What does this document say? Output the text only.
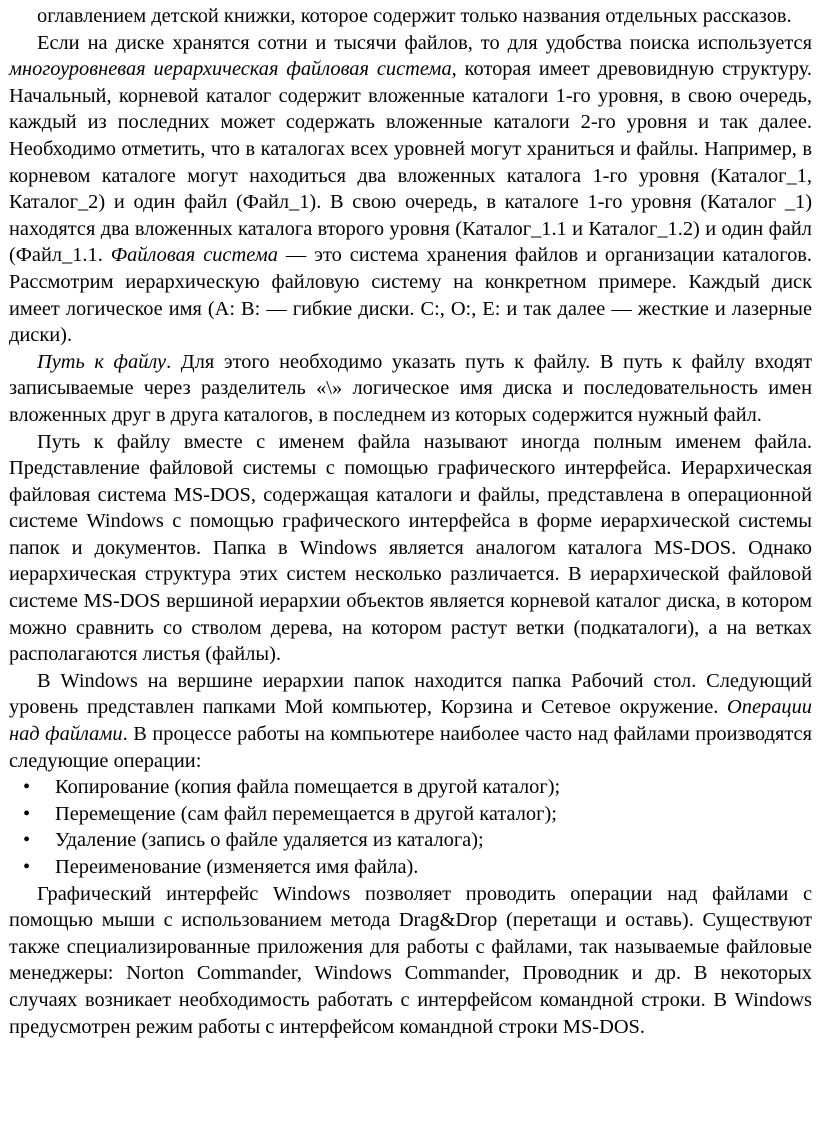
оглавлением детской книжки, которое содержит только названия отдельных рассказов.

Если на диске хранятся сотни и тысячи файлов, то для удобства поиска используется многоуровневая иерархическая файловая система, которая имеет древовидную структуру. Начальный, корневой каталог содержит вложенные каталоги 1-го уровня, в свою очередь, каждый из последних может содержать вложенные каталоги 2-го уровня и так далее. Необходимо отметить, что в каталогах всех уровней могут храниться и файлы. Например, в корневом каталоге могут находиться два вложенных каталога 1-го уровня (Каталог_1, Каталог_2) и один файл (Файл_1). В свою очередь, в каталоге 1-го уровня (Каталог _1) находятся два вложенных каталога второго уровня (Каталог_1.1 и Каталог_1.2) и один файл (Файл_1.1. Файловая система — это система хранения файлов и организации каталогов. Рассмотрим иерархическую файловую систему на конкретном примере. Каждый диск имеет логическое имя (А: В: — гибкие диски. С:, О:, Е: и так далее — жесткие и лазерные диски).

Путь к файлу. Для этого необходимо указать путь к файлу. В путь к файлу входят записываемые через разделитель «\» логическое имя диска и последовательность имен вложенных друг в друга каталогов, в последнем из которых содержится нужный файл.

Путь к файлу вместе с именем файла называют иногда полным именем файла. Представление файловой системы с помощью графического интерфейса. Иерархическая файловая система MS-DOS, содержащая каталоги и файлы, представлена в операционной системе Windows с помощью графического интерфейса в форме иерархической системы папок и документов. Папка в Windows является аналогом каталога MS-DOS. Однако иерархическая структура этих систем несколько различается. В иерархической файловой системе MS-DOS вершиной иерархии объектов является корневой каталог диска, в котором можно сравнить со стволом дерева, на котором растут ветки (подкаталоги), а на ветках располагаются листья (файлы).

В Windows на вершине иерархии папок находится папка Рабочий стол. Следующий уровень представлен папками Мой компьютер, Корзина и Сетевое окружение. Операции над файлами. В процессе работы на компьютере наиболее часто над файлами производятся следующие операции:

• Копирование (копия файла помещается в другой каталог);
• Перемещение (сам файл перемещается в другой каталог);
• Удаление (запись о файле удаляется из каталога);
• Переименование (изменяется имя файла).

Графический интерфейс Windows позволяет проводить операции над файлами с помощью мыши с использованием метода Drag&Drop (перетащи и оставь). Существуют также специализированные приложения для работы с файлами, так называемые файловые менеджеры: Norton Commander, Windows Commander, Проводник и др. В некоторых случаях возникает необходимость работать с интерфейсом командной строки. В Windows предусмотрен режим работы с интерфейсом командной строки MS-DOS.
